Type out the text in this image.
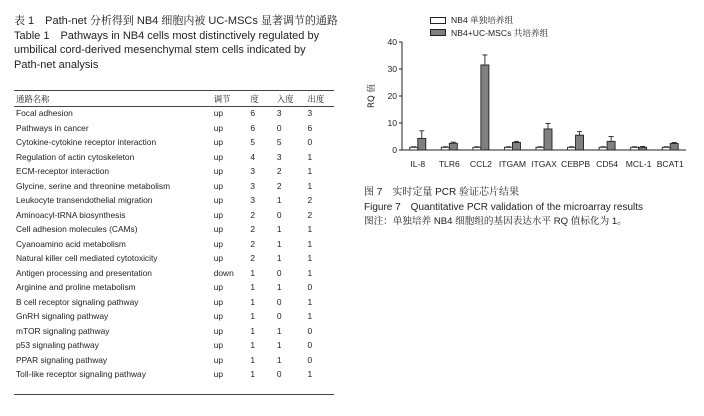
表 1　Path-net 分析得到 NB4 细胞内被 UC-MSCs 显著调节的通路
Table 1　Pathways in NB4 cells most distinctively regulated by
umbilical cord-derived mesenchymal stem cells indicated by
Path-net analysis
通路名称	调节	度	入度	出度
Focal adhesion	up	6	3	3
Pathways in cancer	up	6	0	6
Cytokine-cytokine receptor interaction	up	5	5	0
Regulation of actin cytoskeleton	up	4	3	1
ECM-receptor interaction	up	3	2	1
Glycine, serine and threonine metabolism	up	3	2	1
Leukocyte transendothelial migration	up	3	1	2
Aminoacyl-tRNA biosynthesis	up	2	0	2
Cell adhesion molecules (CAMs)	up	2	1	1
Cyanoamino acid metabolism	up	2	1	1
Natural killer cell mediated cytotoxicity	up	2	1	1
Antigen processing and presentation	down	1	0	1
Arginine and proline metabolism	up	1	1	0
B cell receptor signaling pathway	up	1	0	1
GnRH signaling pathway	up	1	0	1
mTOR signaling pathway	up	1	1	0
p53 signaling pathway	up	1	1	0
PPAR signaling pathway	up	1	1	0
Toll-like receptor signaling pathway	up	1	0	1
0
10
20
30
40
RQ 值
IL-8 TLR6 CCL2 ITGAM ITGAX CEBPB CD54 MCL-1 BCAT1
NB4 单独培养组
NB4+UC-MSCs 共培养组
图 7　实时定量 PCR 验证芯片结果
Figure 7　Quantitative PCR validation of the microarray results
图注：单独培养 NB4 细胞组的基因表达水平 RQ 值标化为 1。
